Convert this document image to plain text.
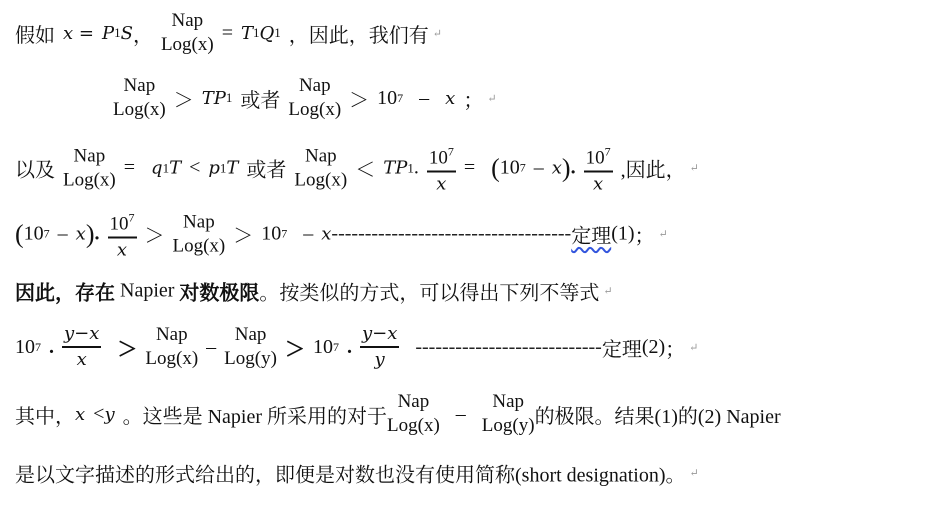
假如 x = P 1 S ，
Nap
Log(x)
= T 1 Q 1 ，因此，我们有 ↵
Nap
Log(x) ＞ TP 1 或者
Nap
Log(x) ＞ 10 7 – x ； ↵
以及
Nap
Log(x)
= q 1 T < p 1 T 或者
Nap
Log(x) ＜ TP 1 . $\frac{10^7}{x}$ = ( 10 7 – x ) . $\frac{10^7}{x}$ ,因此， ↵
( 10 7 – x ) . $\frac{10^7}{x}$ ＞
Nap
Log(x) ＞ 10 7 – x ------------------------------------ 定理 (1) ； ↵
因此，存在 Napier 对数极限 。按类似的方式，可以得出下列不等式 ↵
10 7 . $\frac{y-x}{x}$ ＞
Nap
Log(x)
–
Nap
Log(y) ＞ 10 7 . $\frac{y-x}{y}$ ---------------------------- 定理 (2) ； ↵
其中， x < y 。这些是 Napier 所采用的对于
Nap
Log(x)
–
Nap
Log(y) 的极限。结果(1)的(2) Napier
是以文字描述的形式给出的，即便是对数也没有使用简称(short designation)。 ↵
